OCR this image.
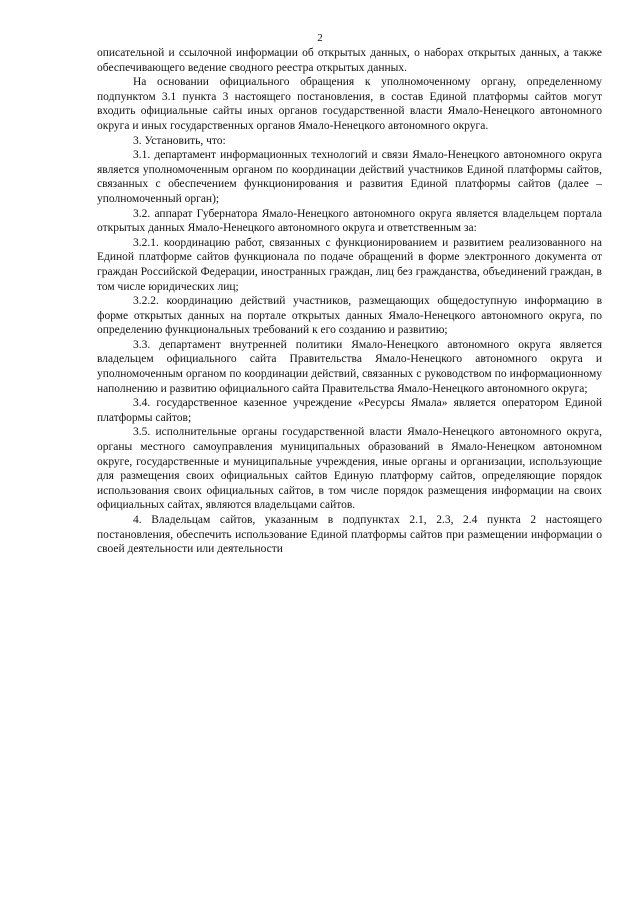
2

описательной и ссылочной информации об открытых данных, о наборах открытых данных, а также обеспечивающего ведение сводного реестра открытых данных.

На основании официального обращения к уполномоченному органу, определенному подпунктом 3.1 пункта 3 настоящего постановления, в состав Единой платформы сайтов могут входить официальные сайты иных органов государственной власти Ямало-Ненецкого автономного округа и иных государственных органов Ямало-Ненецкого автономного округа.

3. Установить, что:

3.1. департамент информационных технологий и связи Ямало-Ненецкого автономного округа является уполномоченным органом по координации действий участников Единой платформы сайтов, связанных с обеспечением функционирования и развития Единой платформы сайтов (далее – уполномоченный орган);

3.2. аппарат Губернатора Ямало-Ненецкого автономного округа является владельцем портала открытых данных Ямало-Ненецкого автономного округа и ответственным за:

3.2.1. координацию работ, связанных с функционированием и развитием реализованного на Единой платформе сайтов функционала по подаче обращений в форме электронного документа от граждан Российской Федерации, иностранных граждан, лиц без гражданства, объединений граждан, в том числе юридических лиц;

3.2.2. координацию действий участников, размещающих общедоступную информацию в форме открытых данных на портале открытых данных Ямало-Ненецкого автономного округа, по определению функциональных требований к его созданию и развитию;

3.3. департамент внутренней политики Ямало-Ненецкого автономного округа является владельцем официального сайта Правительства Ямало-Ненецкого автономного округа и уполномоченным органом по координации действий, связанных с руководством по информационному наполнению и развитию официального сайта Правительства Ямало-Ненецкого автономного округа;

3.4. государственное казенное учреждение «Ресурсы Ямала» является оператором Единой платформы сайтов;

3.5. исполнительные органы государственной власти Ямало-Ненецкого автономного округа, органы местного самоуправления муниципальных образований в Ямало-Ненецком автономном округе, государственные и муниципальные учреждения, иные органы и организации, использующие для размещения своих официальных сайтов Единую платформу сайтов, определяющие порядок использования своих официальных сайтов, в том числе порядок размещения информации на своих официальных сайтах, являются владельцами сайтов.

4. Владельцам сайтов, указанным в подпунктах 2.1, 2.3, 2.4 пункта 2 настоящего постановления, обеспечить использование Единой платформы сайтов при размещении информации о своей деятельности или деятельности
